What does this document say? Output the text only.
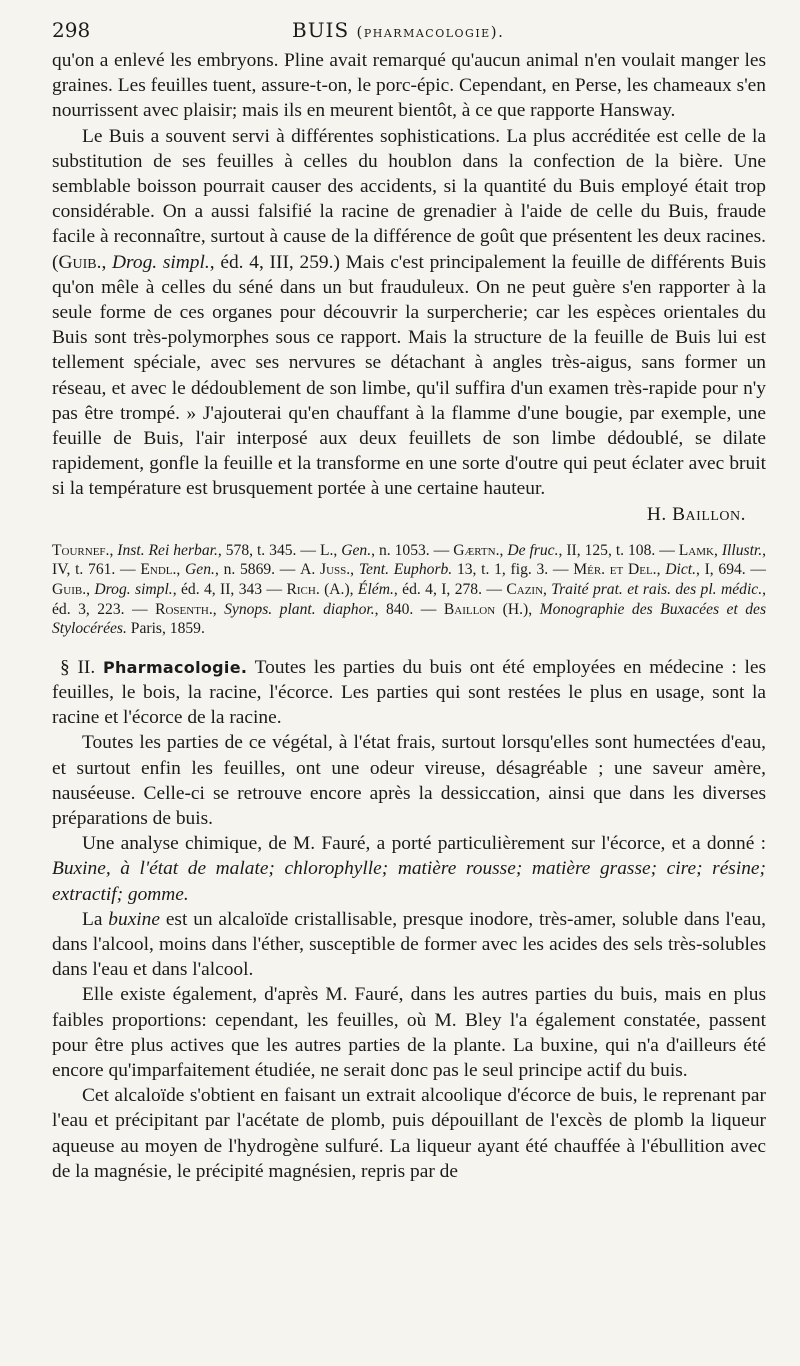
298	BUIS (pharmacologie).

qu'on a enlevé les embryons. Pline avait remarqué qu'aucun animal n'en voulait manger les graines. Les feuilles tuent, assure-t-on, le porc-épic. Cependant, en Perse, les chameaux s'en nourrissent avec plaisir; mais ils en meurent bientôt, à ce que rapporte Hansway.

Le Buis a souvent servi à différentes sophistications. La plus accréditée est celle de la substitution de ses feuilles à celles du houblon dans la confection de la bière. Une semblable boisson pourrait causer des accidents, si la quantité du Buis employé était trop considérable. On a aussi falsifié la racine de grenadier à l'aide de celle du Buis, fraude facile à reconnaître, surtout à cause de la différence de goût que présentent les deux racines. (Guib., Drog. simpl., éd. 4, III, 259.) Mais c'est principalement la feuille de différents Buis qu'on mêle à celles du séné dans un but frauduleux. On ne peut guère s'en rapporter à la seule forme de ces organes pour découvrir la surpercherie; car les espèces orientales du Buis sont très-polymorphes sous ce rapport. Mais la structure de la feuille de Buis lui est tellement spéciale, avec ses nervures se détachant à angles très-aigus, sans former un réseau, et avec le dédoublement de son limbe, qu'il suffira d'un examen très-rapide pour n'y pas être trompé. » J'ajouterai qu'en chauffant à la flamme d'une bougie, par exemple, une feuille de Buis, l'air interposé aux deux feuillets de son limbe dédoublé, se dilate rapidement, gonfle la feuille et la transforme en une sorte d'outre qui peut éclater avec bruit si la température est brusquement portée à une certaine hauteur.

H. Baillon.

Tournef., Inst. Rei herbar., 578, t. 345. — L., Gen., n. 1053. — Gærtn., De fruc., II, 125, t. 108. — Lamk, Illustr., IV, t. 761. — Endl., Gen., n. 5869. — A. Juss., Tent. Euphorb. 13, t. 1, fig. 3. — Mér. et Del., Dict., I, 694. — Guib., Drog. simpl., éd. 4, II, 343 — Rich. (A.), Élém., éd. 4, I, 278. — Cazin, Traité prat. et rais. des pl. médic., éd. 3, 223. — Rosenth., Synops. plant. diaphor., 840. — Baillon (H.), Monographie des Buxacées et des Stylocérées. Paris, 1859.

§ II. Pharmacologie. Toutes les parties du buis ont été employées en médecine : les feuilles, le bois, la racine, l'écorce. Les parties qui sont restées le plus en usage, sont la racine et l'écorce de la racine.

Toutes les parties de ce végétal, à l'état frais, surtout lorsqu'elles sont humectées d'eau, et surtout enfin les feuilles, ont une odeur vireuse, désagréable ; une saveur amère, nauséeuse. Celle-ci se retrouve encore après la dessiccation, ainsi que dans les diverses préparations de buis.

Une analyse chimique, de M. Fauré, a porté particulièrement sur l'écorce, et a donné : Buxine, à l'état de malate; chlorophylle; matière rousse; matière grasse; cire; résine; extractif; gomme.

La buxine est un alcaloïde cristallisable, presque inodore, très-amer, soluble dans l'eau, dans l'alcool, moins dans l'éther, susceptible de former avec les acides des sels très-solubles dans l'eau et dans l'alcool.

Elle existe également, d'après M. Fauré, dans les autres parties du buis, mais en plus faibles proportions: cependant, les feuilles, où M. Bley l'a également constatée, passent pour être plus actives que les autres parties de la plante. La buxine, qui n'a d'ailleurs été encore qu'imparfaitement étudiée, ne serait donc pas le seul principe actif du buis.

Cet alcaloïde s'obtient en faisant un extrait alcoolique d'écorce de buis, le reprenant par l'eau et précipitant par l'acétate de plomb, puis dépouillant de l'excès de plomb la liqueur aqueuse au moyen de l'hydrogène sulfuré. La liqueur ayant été chauffée à l'ébullition avec de la magnésie, le précipité magnésien, repris par de
